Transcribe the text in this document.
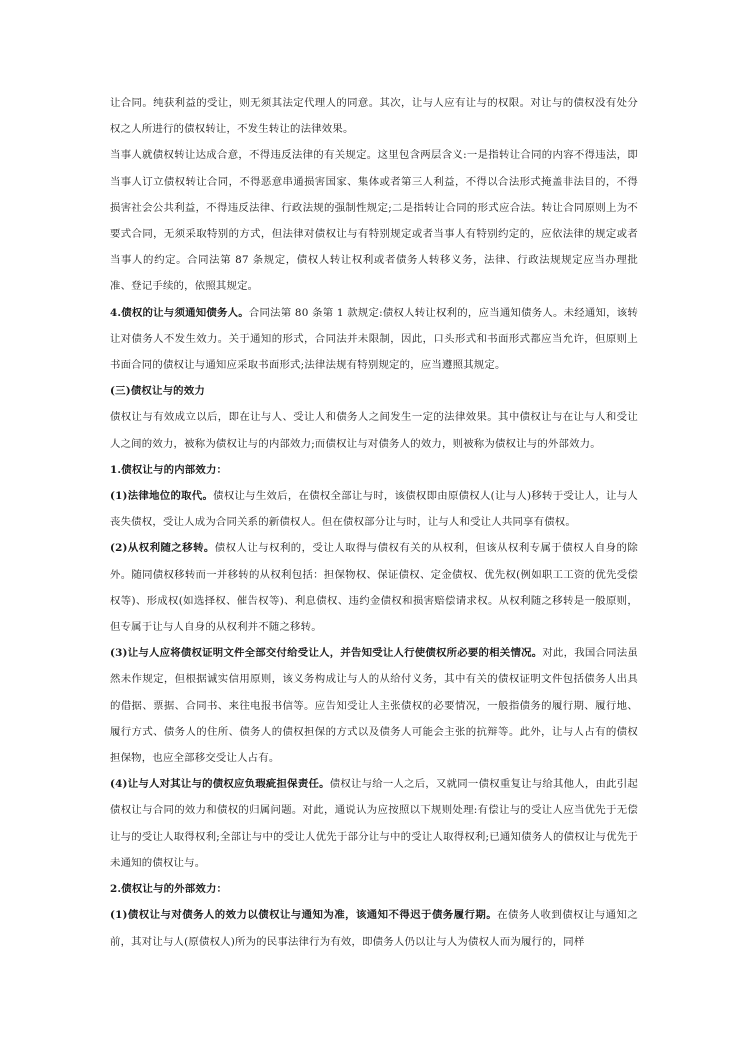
让合同。纯获利益的受让，则无须其法定代理人的同意。其次，让与人应有让与的权限。对让与的债权没有处分权之人所进行的债权转让，不发生转让的法律效果。

当事人就债权转让达成合意，不得违反法律的有关规定。这里包含两层含义:一是指转让合同的内容不得违法，即当事人订立债权转让合同，不得恶意串通损害国家、集体或者第三人利益，不得以合法形式掩盖非法目的，不得损害社会公共利益，不得违反法律、行政法规的强制性规定;二是指转让合同的形式应合法。转让合同原则上为不要式合同，无须采取特别的方式，但法律对债权让与有特别规定或者当事人有特别约定的，应依法律的规定或者当事人的约定。合同法第 87 条规定，债权人转让权利或者债务人转移义务，法律、行政法规规定应当办理批准、登记手续的，依照其规定。

4.债权的让与须通知债务人。合同法第 80 条第 1 款规定:债权人转让权利的，应当通知债务人。未经通知，该转让对债务人不发生效力。关于通知的形式，合同法并未限制，因此，口头形式和书面形式都应当允许，但原则上书面合同的债权让与通知应采取书面形式;法律法规有特别规定的，应当遵照其规定。

(三)债权让与的效力

债权让与有效成立以后，即在让与人、受让人和债务人之间发生一定的法律效果。其中债权让与在让与人和受让人之间的效力，被称为债权让与的内部效力;而债权让与对债务人的效力，则被称为债权让与的外部效力。

1.债权让与的内部效力：

(1)法律地位的取代。债权让与生效后，在债权全部让与时，该债权即由原债权人(让与人)移转于受让人，让与人丧失债权，受让人成为合同关系的新债权人。但在债权部分让与时，让与人和受让人共同享有债权。

(2)从权利随之移转。债权人让与权利的，受让人取得与债权有关的从权利，但该从权利专属于债权人自身的除外。随同债权移转而一并移转的从权利包括：担保物权、保证债权、定金债权、优先权(例如职工工资的优先受偿权等)、形成权(如选择权、催告权等)、利息债权、违约金债权和损害赔偿请求权。从权利随之移转是一般原则，但专属于让与人自身的从权利并不随之移转。

(3)让与人应将债权证明文件全部交付给受让人，并告知受让人行使债权所必要的相关情况。对此，我国合同法虽然未作规定，但根据诚实信用原则，该义务构成让与人的从给付义务，其中有关的债权证明文件包括债务人出具的借据、票据、合同书、来往电报书信等。应告知受让人主张债权的必要情况，一般指债务的履行期、履行地、履行方式、债务人的住所、债务人的债权担保的方式以及债务人可能会主张的抗辩等。此外，让与人占有的债权担保物，也应全部移交受让人占有。

(4)让与人对其让与的债权应负瑕疵担保责任。债权让与给一人之后，又就同一债权重复让与给其他人，由此引起债权让与合同的效力和债权的归属问题。对此，通说认为应按照以下规则处理:有偿让与的受让人应当优先于无偿让与的受让人取得权利;全部让与中的受让人优先于部分让与中的受让人取得权利;已通知债务人的债权让与优先于未通知的债权让与。

2.债权让与的外部效力：

(1)债权让与对债务人的效力以债权让与通知为准，该通知不得迟于债务履行期。在债务人收到债权让与通知之前，其对让与人(原债权人)所为的民事法律行为有效，即债务人仍以让与人为债权人而为履行的，同样
